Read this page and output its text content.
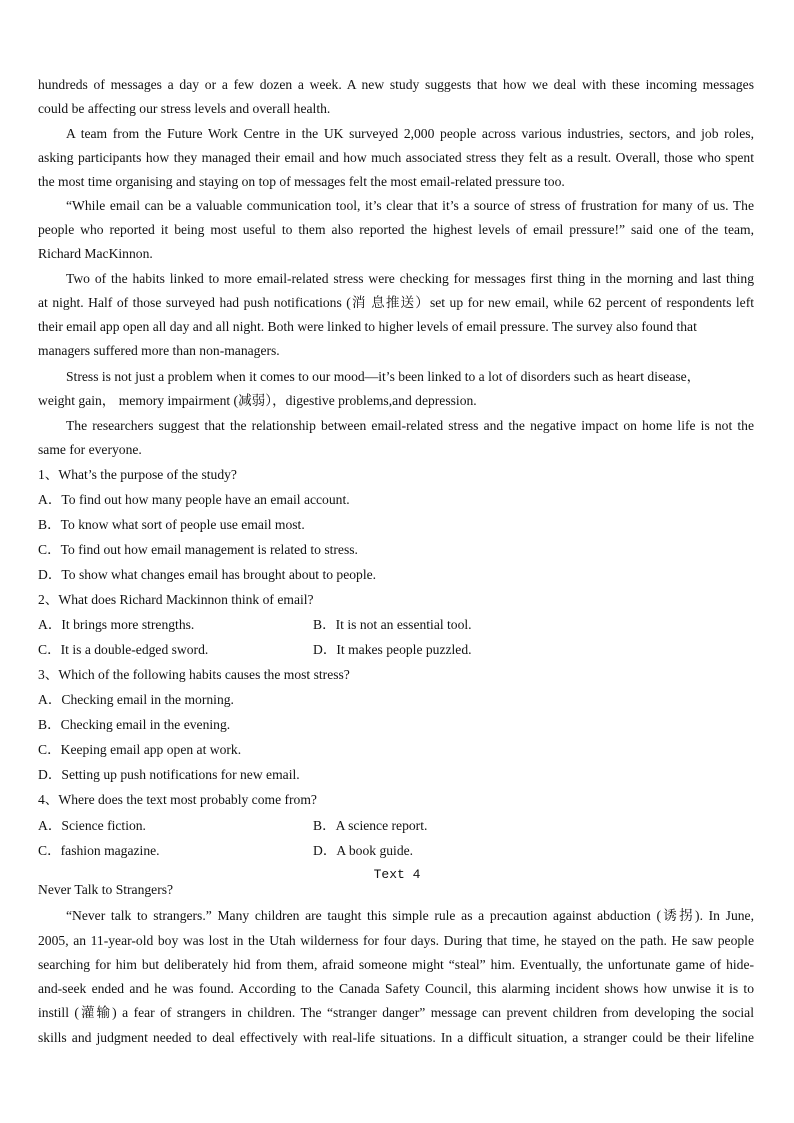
hundreds of messages a day or a few dozen a week. A new study suggests that how we deal with these incoming messages
could be affecting our stress levels and overall health.
A team from the Future Work Centre in the UK surveyed 2,000 people across various industries, sectors, and job roles,
asking participants how they managed their email and how much associated stress they felt as a result. Overall, those who spent
the most time organising and staying on top of messages felt the most email-related pressure too.
“While email can be a valuable communication tool, it’s clear that it’s a source of stress of frustration for many of us. The
people who reported it being most useful to them also reported the highest levels of email pressure!” said one of the team,
Richard MacKinnon.
Two of the habits linked to more email-related stress were checking for messages first thing in the morning and last thing
at night. Half of those surveyed had push notifications (消 息推送）set up for new email, while 62 percent of respondents left
their email app open all day and all night. Both were linked to higher levels of email pressure. The survey also found that
managers suffered more than non-managers.
Stress is not just a problem when it comes to our mood—it’s been linked to a lot of disorders such as heart disease，
weight gain， memory impairment (减弱），digestive problems,and depression.
The researchers suggest that the relationship between email-related stress and the negative impact on home life is not the
same for everyone.
1、What’s the purpose of the study?
A．To find out how many people have an email account.
B．To know what sort of people use email most.
C．To find out how email management is related to stress.
D．To show what changes email has brought about to people.
2、What does Richard Mackinnon think of email?
A．It brings more strengths.	B．It is not an essential tool.
C．It is a double-edged sword.	D．It makes people puzzled.
3、Which of the following habits causes the most stress?
A．Checking email in the morning.
B．Checking email in the evening.
C．Keeping email app open at work.
D．Setting up push notifications for new email.
4、Where does the text most probably come from?
A．Science fiction.	B．A science report.
C．fashion magazine.	D．A book guide.
Text 4
Never Talk to Strangers?
“Never talk to strangers.” Many children are taught this simple rule as a precaution against abduction (诱拐). In June,
2005, an 11-year-old boy was lost in the Utah wilderness for four days. During that time, he stayed on the path. He saw people
searching for him but deliberately hid from them, afraid someone might “steal” him. Eventually, the unfortunate game of hide-
and-seek ended and he was found. According to the Canada Safety Council, this alarming incident shows how unwise it is to
instill (灌输) a fear of strangers in children. The “stranger danger” message can prevent children from developing the social
skills and judgment needed to deal effectively with real-life situations. In a difficult situation, a stranger could be their lifeline
